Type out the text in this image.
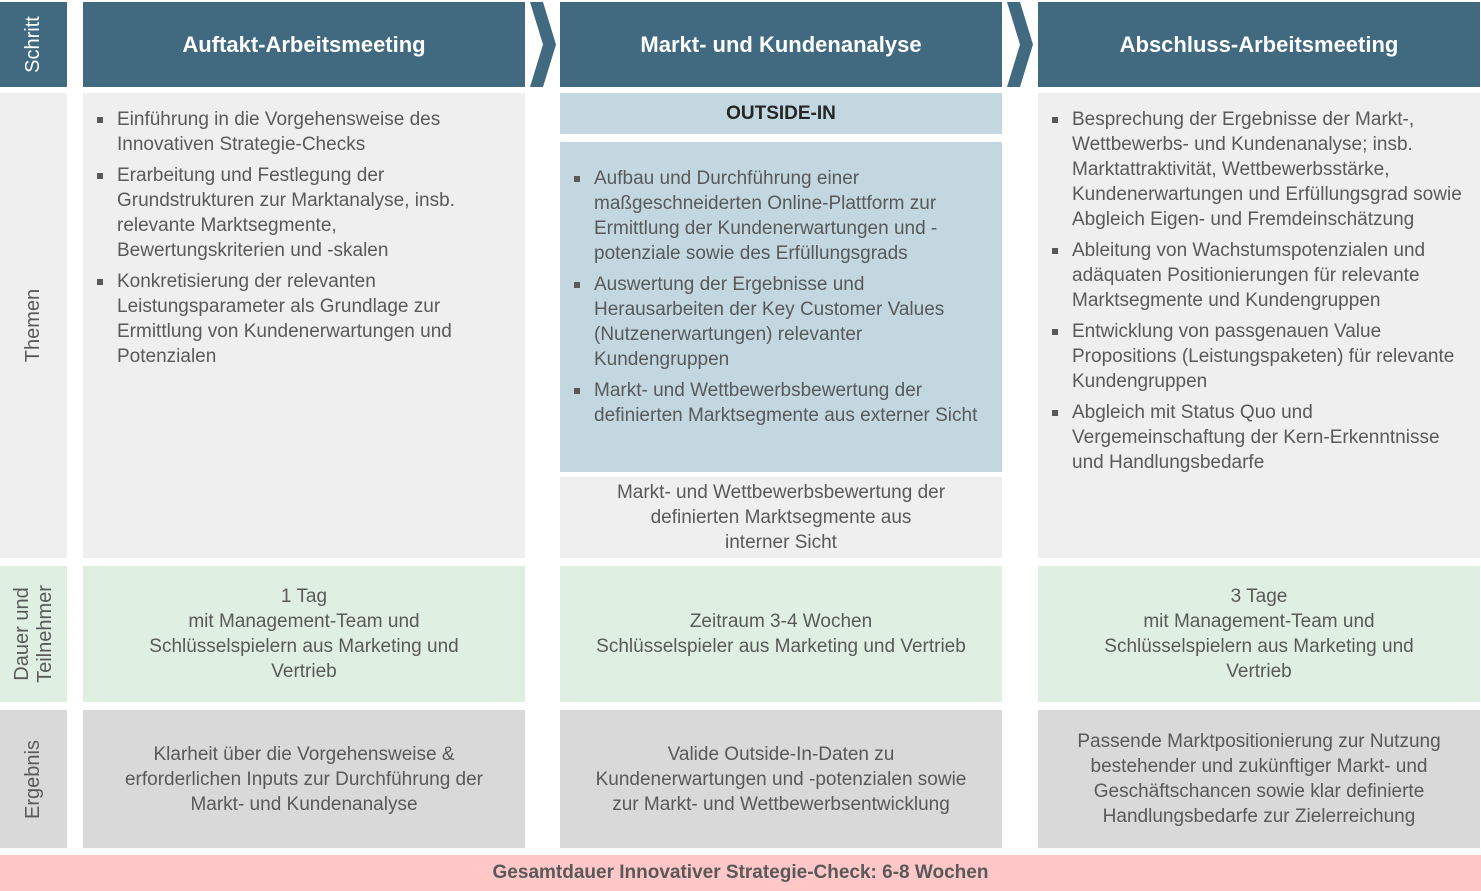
Schritt
Themen
Dauer und
Teilnehmer
Ergebnis
Auftakt-Arbeitsmeeting	Markt- und Kundenanalyse	Abschluss-Arbeitsmeeting
Einführung in die Vorgehensweise des Innovativen Strategie-Checks
Erarbeitung und Festlegung der Grundstrukturen zur Marktanalyse, insb. relevante Marktsegmente, Bewertungskriterien und -skalen
Konkretisierung der relevanten Leistungsparameter als Grundlage zur Ermittlung von Kundenerwartungen und Potenzialen
OUTSIDE-IN
Aufbau und Durchführung einer maßgeschneiderten Online-Plattform zur Ermittlung der Kundenerwartungen und -potenziale sowie des Erfüllungsgrads
Auswertung der Ergebnisse und Herausarbeiten der Key Customer Values (Nutzenerwartungen) relevanter Kundengruppen
Markt- und Wettbewerbsbewertung der definierten Marktsegmente aus externer Sicht
Markt- und Wettbewerbsbewertung der
definierten Marktsegmente aus
interner Sicht
Besprechung der Ergebnisse der Markt-, Wettbewerbs- und Kundenanalyse; insb. Marktattraktivität, Wettbewerbsstärke, Kundenerwartungen und Erfüllungsgrad sowie Abgleich Eigen- und Fremdeinschätzung
Ableitung von Wachstumspotenzialen und adäquaten Positionierungen für relevante Marktsegmente und Kundengruppen
Entwicklung von passgenauen Value Propositions (Leistungspaketen) für relevante Kundengruppen
Abgleich mit Status Quo und Vergemeinschaftung der Kern-Erkenntnisse und Handlungsbedarfe
1 Tag
mit Management-Team und
Schlüsselspielern aus Marketing und
Vertrieb
Zeitraum 3-4 Wochen
Schlüsselspieler aus Marketing und Vertrieb
3 Tage
mit Management-Team und
Schlüsselspielern aus Marketing und
Vertrieb
Klarheit über die Vorgehensweise &
erforderlichen Inputs zur Durchführung der
Markt- und Kundenanalyse
Valide Outside-In-Daten zu
Kundenerwartungen und -potenzialen sowie
zur Markt- und Wettbewerbsentwicklung
Passende Marktpositionierung zur Nutzung
bestehender und zukünftiger Markt- und
Geschäftschancen sowie klar definierte
Handlungsbedarfe zur Zielerreichung
Gesamtdauer Innovativer Strategie-Check: 6-8 Wochen
